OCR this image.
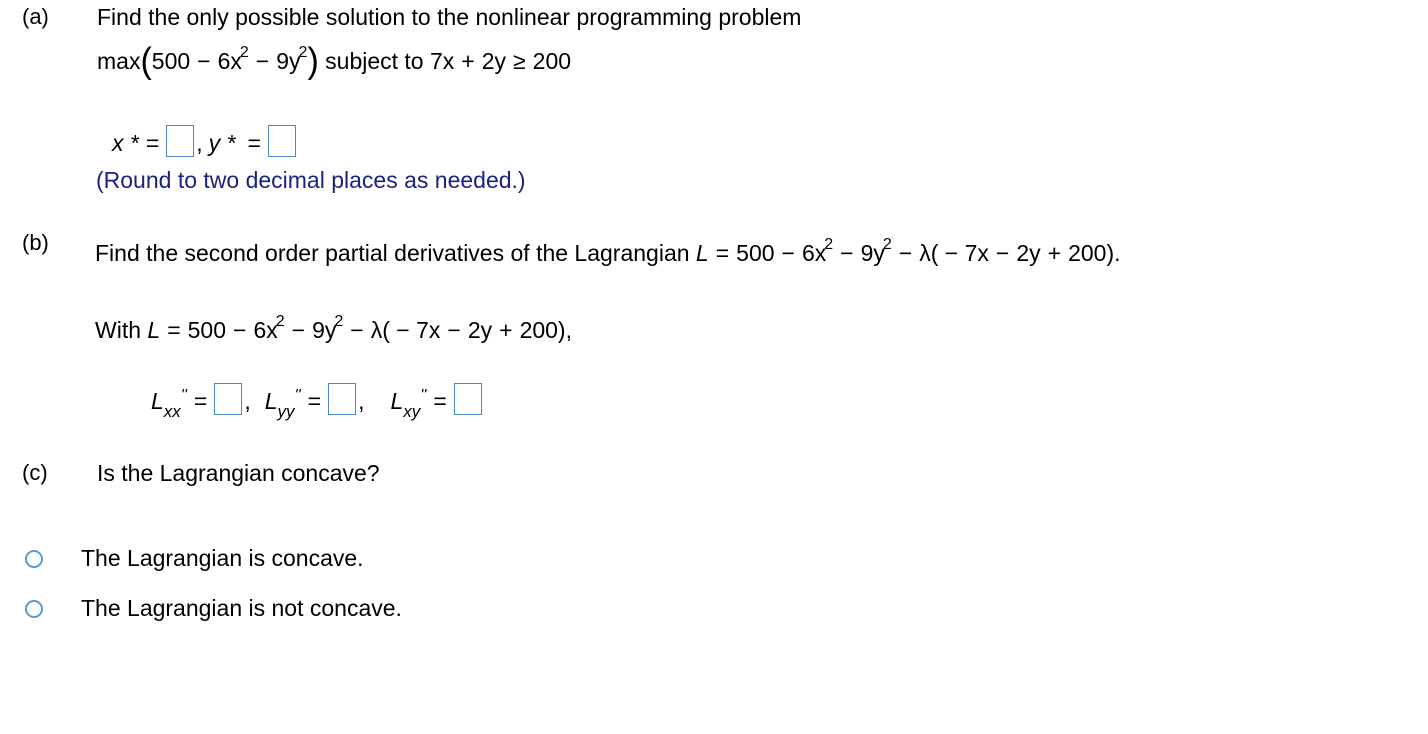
(a) Find the only possible solution to the nonlinear programming problem
$\max(500 - 6x^2 - 9y^2)$ subject to 7x + 2y ≥ 200
x * = , y * =
(Round to two decimal places as needed.)
(b) Find the second order partial derivatives of the Lagrangian $L = 500 - 6x^2 - 9y^2 - \lambda( - 7x - 2y + 200)$.
With $L = 500 - 6x^2 - 9y^2 - \lambda( - 7x - 2y + 200)$,
$L_{xx}''$ = , $L_{yy}''$ = , $L_{xy}''$ =
(c) Is the Lagrangian concave?
The Lagrangian is concave.
The Lagrangian is not concave.
